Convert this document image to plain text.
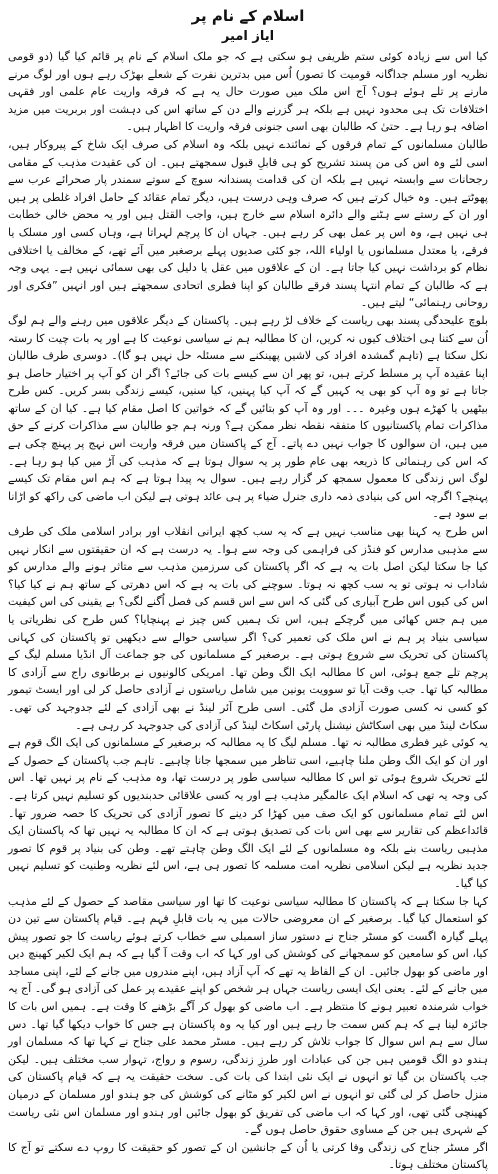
اسلام کے نام پر
ایاز امیر

کیا اس سے زیادہ کوئی ستم ظریفی ہو سکتی ہے کہ جو ملک اسلام کے نام پر قائم کیا گیا (دو قومی نظریہ اور مسلم جداگانہ قومیت کا تصور) اُس میں بدترین نفرت کے شعلے بھڑک رہے ہوں اور لوگ مرنے مارنے پر تلے ہوئے ہوں؟ آج اس ملک میں صورت حال یہ ہے کہ فرقہ واریت عام علمی اور فقہی اختلافات تک ہی محدود نہیں ہے بلکہ ہر گزرنے والے دن کے ساتھ اس کی دہشت اور بربریت میں مزید اضافہ ہو رہا ہے۔ حتیٰ کہ طالبان بھی اسی جنونی فرقہ واریت کا اظہار ہیں۔

طالبان مسلمانوں کے تمام فرقوں کے نمائندے نہیں بلکہ وہ اسلام کی صرف ایک شاخ کے پیروکار ہیں، اسی لئے وہ اس کی من پسند تشریح کو ہی قابلِ قبول سمجھتے ہیں۔ ان کی عقیدت مذہب کے مقامی رجحانات سے وابستہ نہیں ہے بلکہ ان کی قدامت پسندانہ سوچ کے سوتے سمندر پار صحرائے عرب سے پھوٹتے ہیں۔ وہ خیال کرتے ہیں کہ صرف وہی درست ہیں، دیگر تمام عقائد کے حامل افراد غلطی پر ہیں اور ان کے رستے سے ہٹنے والے دائرہ اسلام سے خارج ہیں، واجب القتل ہیں اور یہ محض خالی خطابت ہی نہیں ہے، وہ اس پر عمل بھی کر رہے ہیں۔ جہاں ان کا پرچم لہراتا ہے، وہاں کسی اور مسلک یا فرقے، یا معتدل مسلمانوں یا اولیاء اللہ، جو کئی صدیوں پہلے برصغیر میں آئے تھے، کے مخالف یا اختلافی نظام کو برداشت نہیں کیا جاتا ہے۔ ان کے علاقوں میں عقل یا دلیل کی بھی سمائی نہیں ہے۔ یہی وجہ ہے کہ طالبان کے تمام انتہا پسند فرقے طالبان کو اپنا فطری اتحادی سمجھتے ہیں اور انہیں ”فکری اور روحانی رہنمائی“ لیتے ہیں۔

بلوچ علیحدگی پسند بھی ریاست کے خلاف لڑ رہے ہیں۔ پاکستان کے دیگر علاقوں میں رہنے والے ہم لوگ اُن سے کتنا ہی اختلاف کیوں نہ کریں، ان کا مطالبہ ہم نے سیاسی نوعیت کا ہے اور یہ بات چیت کا رستہ نکل سکتا ہے (تاہم گمشدہ افراد کی لاشیں پھینکنے سے مسئلہ حل نہیں ہو گا)۔ دوسری طرف طالبان اپنا عقیدہ آپ پر مسلط کرتے ہیں، تو پھر ان سے کیسے بات کی جائے؟ اگر ان کو آپ پر اختیار حاصل ہو جاتا ہے تو وہ آپ کو بھی یہ کہیں گے کہ آپ کیا پہنیں، کیا سنیں، کیسے زندگی بسر کریں۔ کس طرح بیٹھیں یا کھڑے ہوں وغیرہ ۔۔۔ اور وہ آپ کو بتائیں گے کہ خواتین کا اصل مقام کیا ہے۔ کیا ان کے ساتھ مذاکرات تمام پاکستانیوں کا متفقہ نقطہ نظر ممکن ہے؟ ورنہ ہم جو طالبان سے مذاکرات کرنے کے حق میں ہیں، ان سوالوں کا جواب نہیں دے پاتے۔ آج کے پاکستان میں فرقہ واریت اس نہج پر پہنچ چکی ہے کہ اس کی رہنمائی کا ذریعہ بھی عام طور پر یہ سوال ہوتا ہے کہ مذہب کی آڑ میں کیا ہو رہا ہے۔ لوگ اس زندگی کا معمول سمجھ کر گزار رہے ہیں۔ سوال یہ پیدا ہوتا ہے کہ ہم اس مقام تک کیسے پہنچے؟ اگرچہ اس کی بنیادی ذمہ داری جنرل ضیاء پر ہی عائد ہوتی ہے لیکن اب ماضی کی راکھ کو اڑانا بے سود ہے۔

اس طرح یہ کہنا بھی مناسب نہیں ہے کہ یہ سب کچھ ایرانی انقلاب اور برادر اسلامی ملک کی طرف سے مذہبی مدارس کو فنڈز کی فراہمی کی وجہ سے ہوا۔ یہ درست ہے کہ ان حقیقتوں سے انکار نہیں کیا جا سکتا لیکن اصل بات یہ ہے کہ اگر پاکستان کی سرزمین مذہب سے متاثر ہونے والے مدارس کو شاداب نہ ہوتی تو یہ سب کچھ نہ ہوتا۔ سوچنے کی بات یہ ہے کہ اس دھرتی کے ساتھ ہم نے کیا کیا؟ اس کی کیوں اس طرح آبیاری کی گئی کہ اس سے اس قسم کی فصل اُگنے لگی؟ بے یقینی کی اس کیفیت میں ہم جس کھائی میں گرچکے ہیں، اس تک ہمیں کس چیز نے پہنچایا؟ کس طرح کی نظریاتی یا سیاسی بنیاد پر ہم نے اس ملک کی تعمیر کی؟ اگر سیاسی حوالے سے دیکھیں تو پاکستان کی کہانی پاکستان کی تحریک سے شروع ہوتی ہے۔ برصغیر کے مسلمانوں کی جو جماعت آل انڈیا مسلم لیگ کے پرچم تلے جمع ہوئی، اس کا مطالبہ ایک الگ وطن تھا۔ امریکی کالونیوں نے برطانوی راج سے آزادی کا مطالبہ کیا تھا۔ جب وقت آیا تو سوویت یونین میں شامل ریاستوں نے آزادی حاصل کر لی اور ایسٹ تیمور کو کسی نہ کسی صورت آزادی مل گئی۔ اسی طرح آئر لینڈ نے بھی آزادی کے لئے جدوجہد کی تھی۔ سکاٹ لینڈ میں بھی اسکاٹش نیشنل پارٹی اسکاٹ لینڈ کی آزادی کی جدوجہد کر رہی ہے۔

یہ کوئی غیر فطری مطالبہ نہ تھا۔ مسلم لیگ کا یہ مطالبہ کہ برصغیر کے مسلمانوں کی ایک الگ قوم ہے اور ان کو ایک الگ وطن ملنا چاہیے، اسی تناظر میں سمجھا جانا چاہیے۔ تاہم جب پاکستان کے حصول کے لئے تحریک شروع ہوئی تو اس کا مطالبہ سیاسی طور پر درست تھا، وہ مذہب کے نام پر نہیں تھا۔ اس کی وجہ یہ تھی کہ اسلام ایک عالمگیر مذہب ہے اور یہ کسی علاقائی حدبندیوں کو تسلیم نہیں کرتا ہے۔ اس لئے تمام مسلمانوں کو ایک صف میں کھڑا کر دینے کا تصور آزادی کی تحریک کا حصہ ضرور تھا۔ قائداعظم کی تقاریر سے بھی اس بات کی تصدیق ہوتی ہے کہ ان کا مطالبہ یہ نہیں تھا کہ پاکستان ایک مذہبی ریاست بنے بلکہ وہ مسلمانوں کے لئے ایک الگ وطن چاہتے تھے۔ وطن کی بنیاد پر قوم کا تصور جدید نظریہ ہے لیکن اسلامی نظریہ امت مسلمہ کا تصور ہی ہے، اس لئے نظریہ وطنیت کو تسلیم نہیں کیا گیا۔

کہا جا سکتا ہے کہ پاکستان کا مطالبہ سیاسی نوعیت کا تھا اور سیاسی مقاصد کے حصول کے لئے مذہب کو استعمال کیا گیا۔ برصغیر کے ان معروضی حالات میں یہ بات قابلِ فہم ہے۔ قیام پاکستان سے تین دن پہلے گیارہ اگست کو مسٹر جناح نے دستور ساز اسمبلی سے خطاب کرتے ہوئے ریاست کا جو تصور پیش کیا، اس کو سامعین کو سمجھانے کی کوشش کی اور کہا کہ اب وقت آ گیا ہے کہ ہم ایک لکیر کھینچ دیں اور ماضی کو بھول جائیں۔ ان کے الفاظ یہ تھے کہ آپ آزاد ہیں، اپنے مندروں میں جانے کے لئے، اپنی مساجد میں جانے کے لئے۔ یعنی ایک ایسی ریاست جہاں ہر شخص کو اپنے عقیدے پر عمل کی آزادی ہو گی۔ آج یہ خواب شرمندہ تعبیر ہونے کا منتظر ہے۔ اب ماضی کو بھول کر آگے بڑھنے کا وقت ہے۔ ہمیں اس بات کا جائزہ لینا ہے کہ ہم کس سمت جا رہے ہیں اور کیا یہ وہ پاکستان ہے جس کا خواب دیکھا گیا تھا۔ دس سال سے ہم اس سوال کا جواب تلاش کر رہے ہیں۔ مسٹر محمد علی جناح نے کہا تھا کہ مسلمان اور ہندو دو الگ قومیں ہیں جن کی عبادات اور طرزِ زندگی، رسوم و رواج، تہوار سب مختلف ہیں۔ لیکن جب پاکستان بن گیا تو انہوں نے ایک نئی ابتدا کی بات کی۔ سخت حقیقت یہ ہے کہ قیام پاکستان کی منزل حاصل کر لی گئی تو انہوں نے اس لکیر کو مٹانے کی کوشش کی جو ہندو اور مسلمان کے درمیان کھینچی گئی تھی، اور کہا کہ اب ماضی کی تفریق کو بھول جائیں اور ہندو اور مسلمان اس نئی ریاست کے شہری ہیں جن کے مساوی حقوق حاصل ہوں گے۔

اگر مسٹر جناح کی زندگی وفا کرتی یا اُن کے جانشین ان کے تصور کو حقیقت کا روپ دے سکتے تو آج کا پاکستان مختلف ہوتا۔
